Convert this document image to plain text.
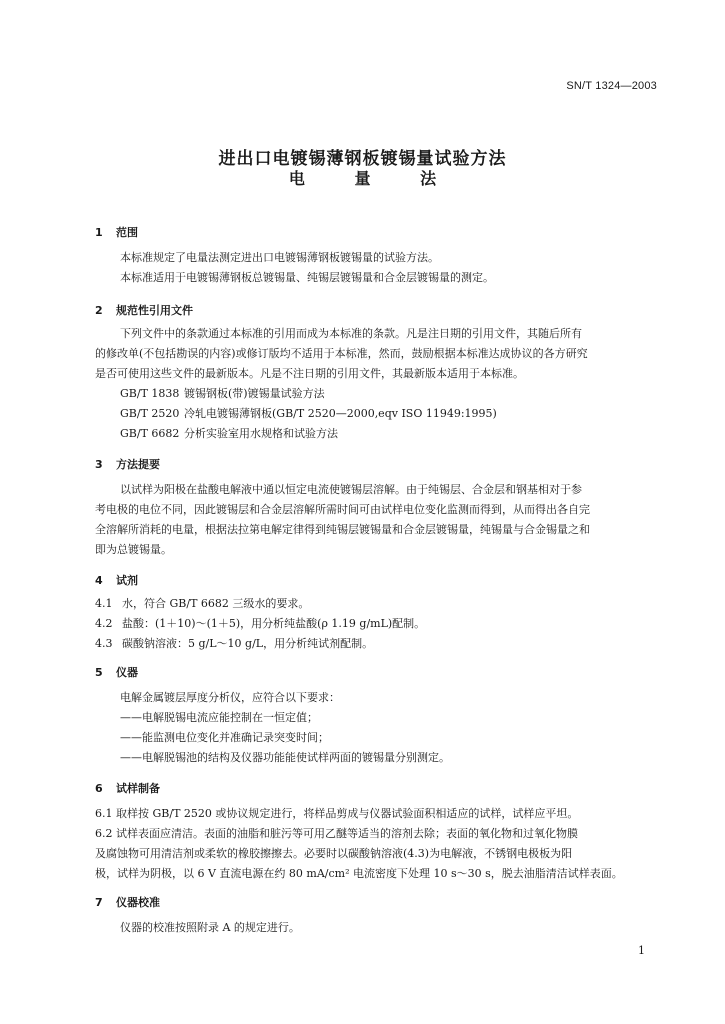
SN/T 1324—2003
进出口电镀锡薄钢板镀锡量试验方法
电 量 法
1 范围
本标准规定了电量法测定进出口电镀锡薄钢板镀锡量的试验方法。
本标准适用于电镀锡薄钢板总镀锡量、纯锡层镀锡量和合金层镀锡量的测定。
2 规范性引用文件
下列文件中的条款通过本标准的引用而成为本标准的条款。凡是注日期的引用文件，其随后所有
的修改单(不包括勘误的内容)或修订版均不适用于本标准，然而，鼓励根据本标准达成协议的各方研究
是否可使用这些文件的最新版本。凡是不注日期的引用文件，其最新版本适用于本标准。
GB/T 1838 镀锡钢板(带)镀锡量试验方法
GB/T 2520 冷轧电镀锡薄钢板(GB/T 2520—2000,eqv ISO 11949:1995)
GB/T 6682 分析实验室用水规格和试验方法
3 方法提要
以试样为阳极在盐酸电解液中通以恒定电流使镀锡层溶解。由于纯锡层、合金层和钢基相对于参
考电极的电位不同，因此镀锡层和合金层溶解所需时间可由试样电位变化监测而得到，从而得出各自完
全溶解所消耗的电量，根据法拉第电解定律得到纯锡层镀锡量和合金层镀锡量，纯锡量与合金锡量之和
即为总镀锡量。
4 试剂
4.1 水，符合 GB/T 6682 三级水的要求。
4.2 盐酸：(1＋10)～(1＋5)，用分析纯盐酸(ρ 1.19 g/mL)配制。
4.3 碳酸钠溶液：5 g/L～10 g/L，用分析纯试剂配制。
5 仪器
电解金属镀层厚度分析仪，应符合以下要求：
——电解脱锡电流应能控制在一恒定值；
——能监测电位变化并准确记录突变时间；
——电解脱锡池的结构及仪器功能能使试样两面的镀锡量分别测定。
6 试样制备
6.1 取样按 GB/T 2520 或协议规定进行，将样品剪成与仪器试验面积相适应的试样，试样应平坦。
6.2 试样表面应清洁。表面的油脂和脏污等可用乙醚等适当的溶剂去除；表面的氧化物和过氧化物膜
及腐蚀物可用清洁剂或柔软的橡胶擦擦去。必要时以碳酸钠溶液(4.3)为电解液，不锈钢电极板为阳
极，试样为阴极，以 6 V 直流电源在约 80 mA/cm² 电流密度下处理 10 s～30 s，脱去油脂清洁试样表面。
7 仪器校准
仪器的校准按照附录 A 的规定进行。
1
